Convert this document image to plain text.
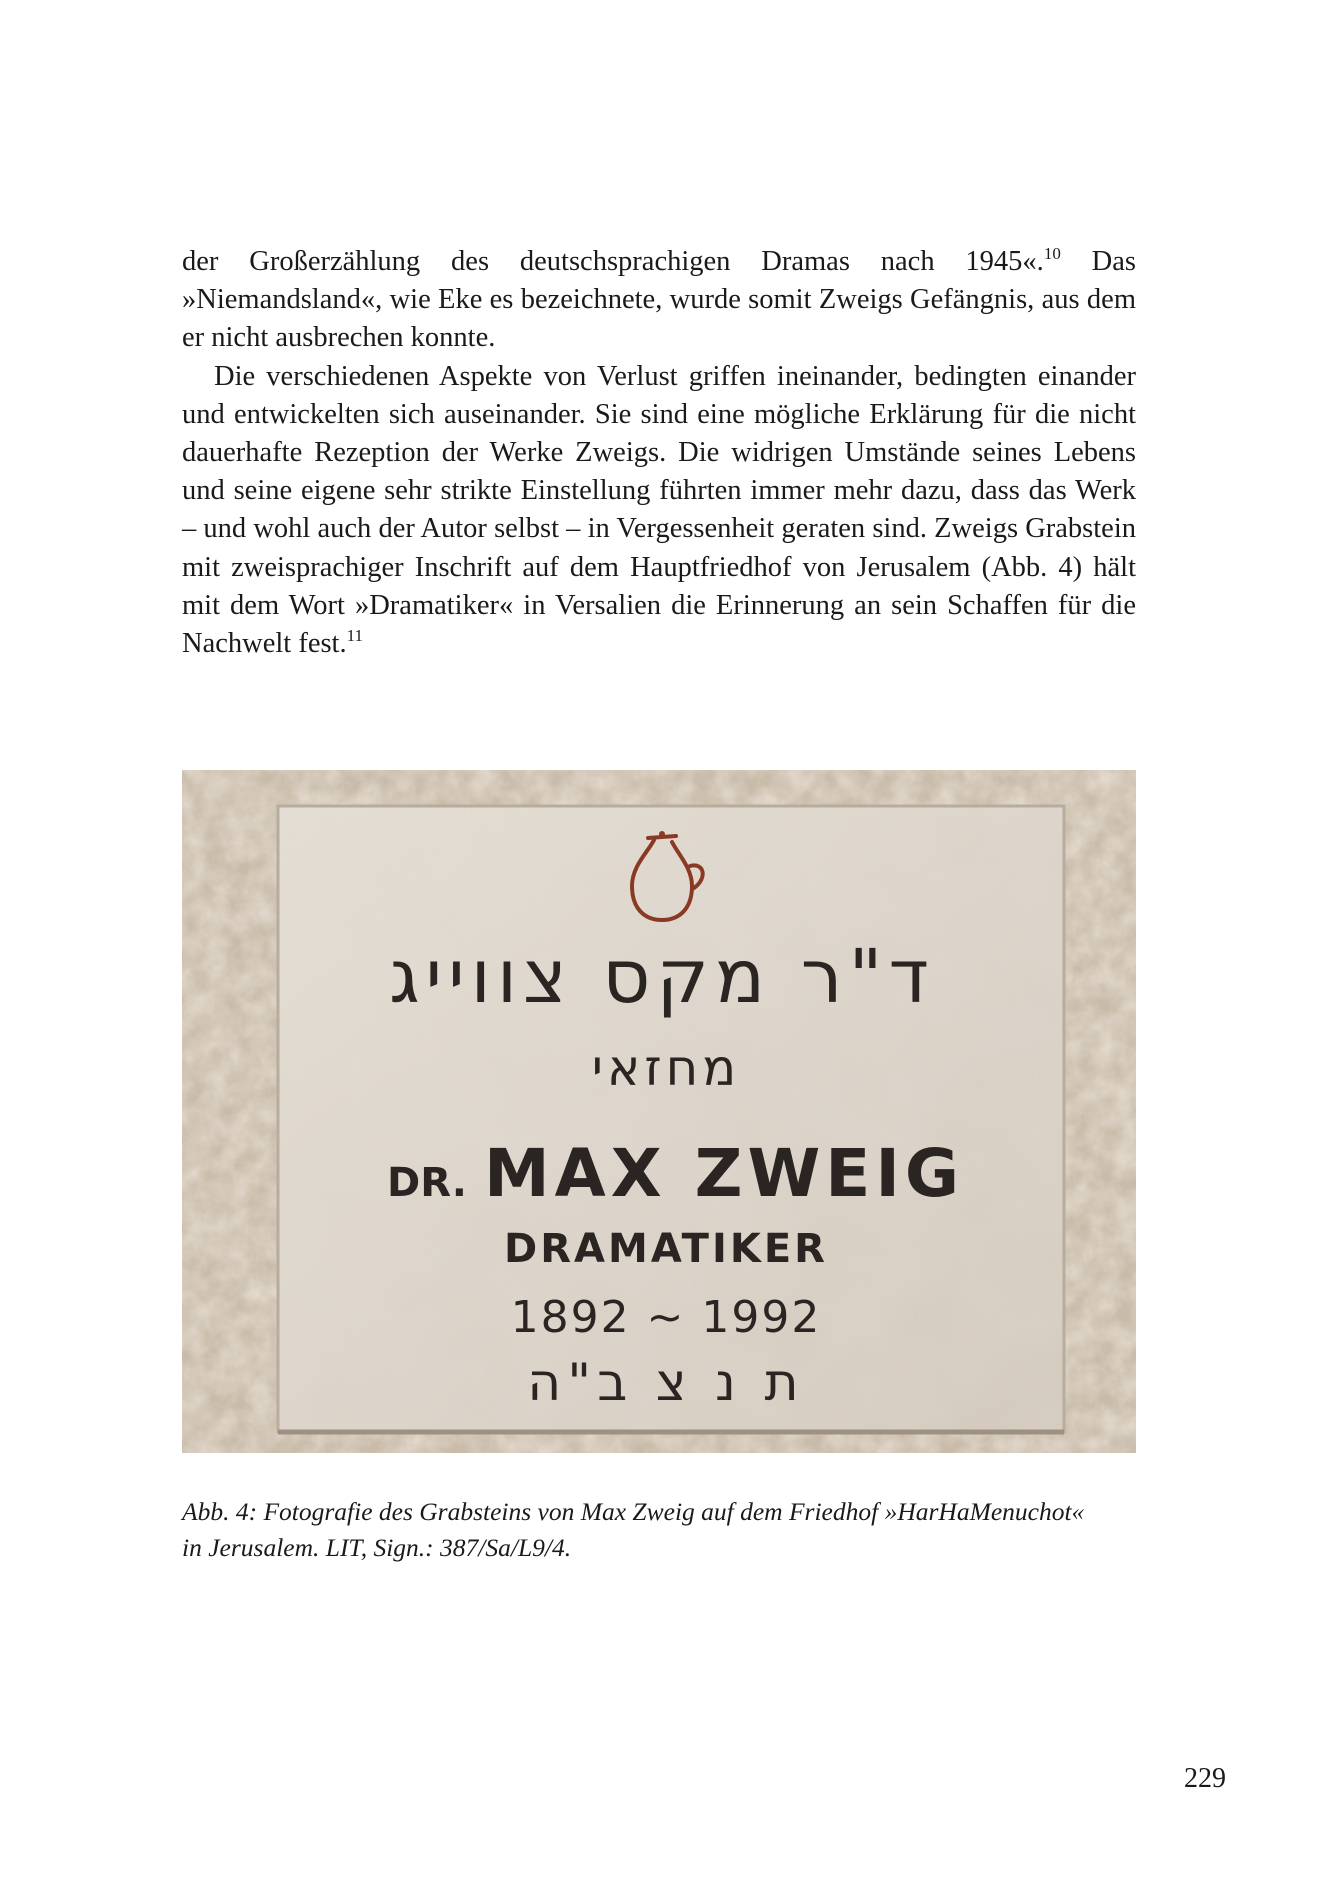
der Großerzählung des deutschsprachigen Dramas nach 1945«.$^{10}$ Das »Niemandsland«, wie Eke es bezeichnete, wurde somit Zweigs Gefängnis, aus dem er nicht ausbrechen konnte.

Die verschiedenen Aspekte von Verlust griffen ineinander, bedingten einander und entwickelten sich auseinander. Sie sind eine mögliche Erklärung für die nicht dauerhafte Rezeption der Werke Zweigs. Die widrigen Umstände seines Lebens und seine eigene sehr strikte Einstellung führten immer mehr dazu, dass das Werk – und wohl auch der Autor selbst – in Vergessenheit geraten sind. Zweigs Grabstein mit zweisprachiger Inschrift auf dem Hauptfriedhof von Jerusalem (Abb. 4) hält mit dem Wort »Dramatiker« in Versalien die Erinnerung an sein Schaffen für die Nachwelt fest.$^{11}$

ד"ר מקס צווייג
מחזאי
DR. MAX ZWEIG
DRAMATIKER
1892 ~ 1992
ת נ צ ב"ה

Abb. 4: Fotografie des Grabsteins von Max Zweig auf dem Friedhof »HarHaMenuchot«

in Jerusalem. LIT, Sign.: 387/Sa/L9/4.

229
